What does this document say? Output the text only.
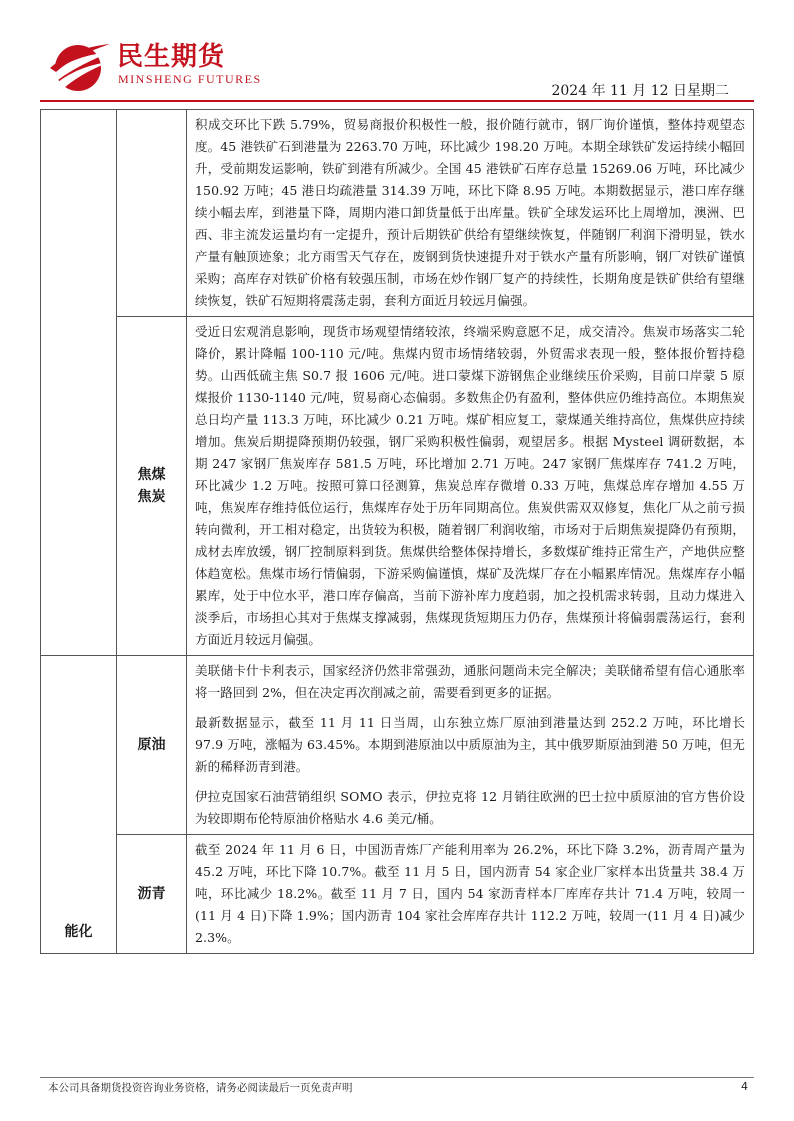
民生期货
MINSHENG FUTURES
2024 年 11 月 12 日星期二

		积成交环比下跌 5.79%，贸易商报价积极性一般，报价随行就市，钢厂询价谨慎，整体持观望态度。45 港铁矿石到港量为 2263.70 万吨，环比减少 198.20 万吨。本期全球铁矿发运持续小幅回升，受前期发运影响，铁矿到港有所减少。全国 45 港铁矿石库存总量 15269.06 万吨，环比减少 150.92 万吨；45 港日均疏港量 314.39 万吨，环比下降 8.95 万吨。本期数据显示，港口库存继续小幅去库，到港量下降，周期内港口卸货量低于出库量。铁矿全球发运环比上周增加，澳洲、巴西、非主流发运量均有一定提升，预计后期铁矿供给有望继续恢复，伴随钢厂利润下滑明显，铁水产量有触顶迹象；北方雨雪天气存在，废钢到货快速提升对于铁水产量有所影响，钢厂对铁矿谨慎采购；高库存对铁矿价格有较强压制，市场在炒作钢厂复产的持续性，长期角度是铁矿供给有望继续恢复，铁矿石短期将震荡走弱，套利方面近月较远月偏强。

	焦煤
焦炭	受近日宏观消息影响，现货市场观望情绪较浓，终端采购意愿不足，成交清冷。焦炭市场落实二轮降价，累计降幅 100-110 元/吨。焦煤内贸市场情绪较弱，外贸需求表现一般，整体报价暂持稳势。山西低硫主焦 S0.7 报 1606 元/吨。进口蒙煤下游钢焦企业继续压价采购，目前口岸蒙 5 原煤报价 1130-1140 元/吨，贸易商心态偏弱。多数焦企仍有盈利，整体供应仍维持高位。本期焦炭总日均产量 113.3 万吨，环比减少 0.21 万吨。煤矿相应复工，蒙煤通关维持高位，焦煤供应持续增加。焦炭后期提降预期仍较强，钢厂采购积极性偏弱，观望居多。根据 Mysteel 调研数据，本期 247 家钢厂焦炭库存 581.5 万吨，环比增加 2.71 万吨。247 家钢厂焦煤库存 741.2 万吨，环比减少 1.2 万吨。按照可算口径测算，焦炭总库存微增 0.33 万吨，焦煤总库存增加 4.55 万吨，焦炭库存维持低位运行，焦煤库存处于历年同期高位。焦炭供需双双修复，焦化厂从之前亏损转向微利，开工相对稳定，出货较为积极，随着钢厂利润收缩，市场对于后期焦炭提降仍有预期，成材去库放缓，钢厂控制原料到货。焦煤供给整体保持增长，多数煤矿维持正常生产，产地供应整体趋宽松。焦煤市场行情偏弱，下游采购偏谨慎，煤矿及洗煤厂存在小幅累库情况。焦煤库存小幅累库，处于中位水平，港口库存偏高，当前下游补库力度趋弱，加之投机需求转弱，且动力煤进入淡季后，市场担心其对于焦煤支撑减弱，焦煤现货短期压力仍存，焦煤预计将偏弱震荡运行，套利方面近月较远月偏强。

能化	原油	美联储卡什卡利表示，国家经济仍然非常强劲，通胀问题尚未完全解决；美联储希望有信心通胀率将一路回到 2%，但在决定再次削减之前，需要看到更多的证据。

最新数据显示，截至 11 月 11 日当周，山东独立炼厂原油到港量达到 252.2 万吨，环比增长 97.9 万吨，涨幅为 63.45%。本期到港原油以中质原油为主，其中俄罗斯原油到港 50 万吨，但无新的稀释沥青到港。

伊拉克国家石油营销组织 SOMO 表示，伊拉克将 12 月销往欧洲的巴士拉中质原油的官方售价设为较即期布伦特原油价格贴水 4.6 美元/桶。

	沥青	截至 2024 年 11 月 6 日，中国沥青炼厂产能利用率为 26.2%，环比下降 3.2%，沥青周产量为 45.2 万吨，环比下降 10.7%。截至 11 月 5 日，国内沥青 54 家企业厂家样本出货量共 38.4 万吨，环比减少 18.2%。截至 11 月 7 日，国内 54 家沥青样本厂库库存共计 71.4 万吨，较周一(11 月 4 日)下降 1.9%；国内沥青 104 家社会库库存共计 112.2 万吨，较周一(11 月 4 日)减少 2.3%。

本公司具备期货投资咨询业务资格，请务必阅读最后一页免责声明	4
